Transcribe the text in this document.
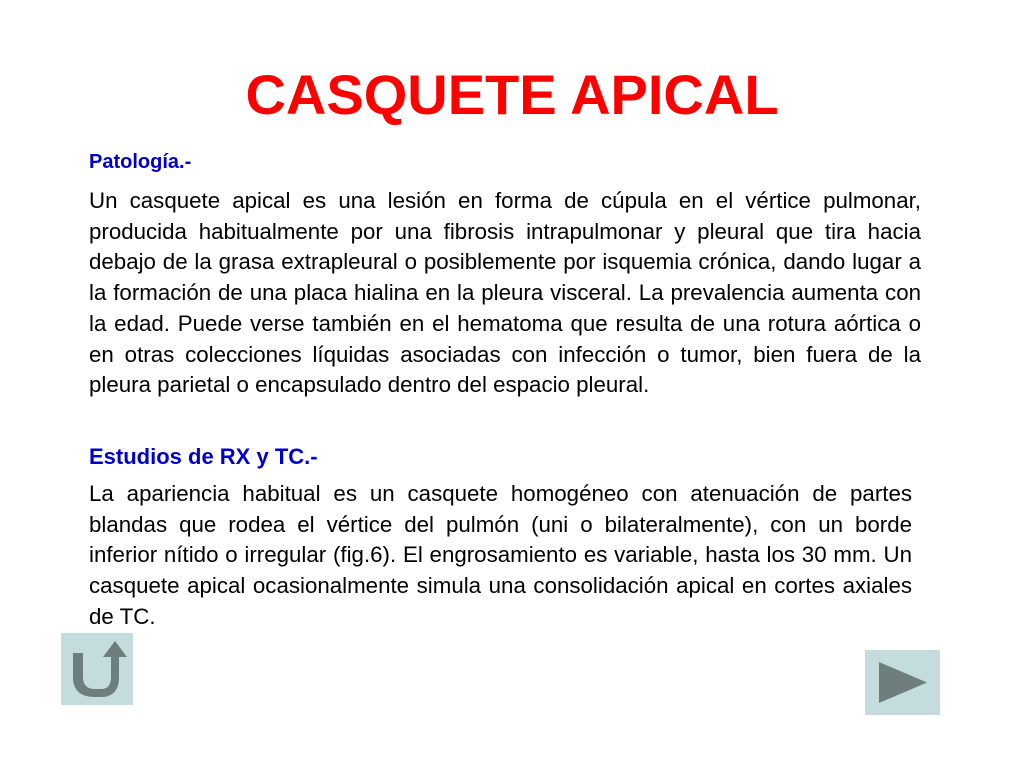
CASQUETE APICAL
Patología.-

Un casquete apical es una lesión en forma de cúpula en el vértice pulmonar, producida habitualmente por una fibrosis intrapulmonar y pleural que tira hacia debajo de la grasa extrapleural o posiblemente por isquemia crónica, dando lugar a la formación de una placa hialina en la pleura visceral. La prevalencia aumenta con la edad. Puede verse también en el hematoma que resulta de una rotura aórtica o en otras colecciones líquidas asociadas con infección o tumor, bien fuera de la pleura parietal o encapsulado dentro del espacio pleural.

Estudios de RX y TC.-

La apariencia habitual es un casquete homogéneo con atenuación de partes blandas que rodea el vértice del pulmón (uni o bilateralmente), con un borde inferior nítido o irregular (fig.6). El engrosamiento es variable, hasta los 30 mm. Un casquete apical ocasionalmente simula una consolidación apical en cortes axiales de TC.
